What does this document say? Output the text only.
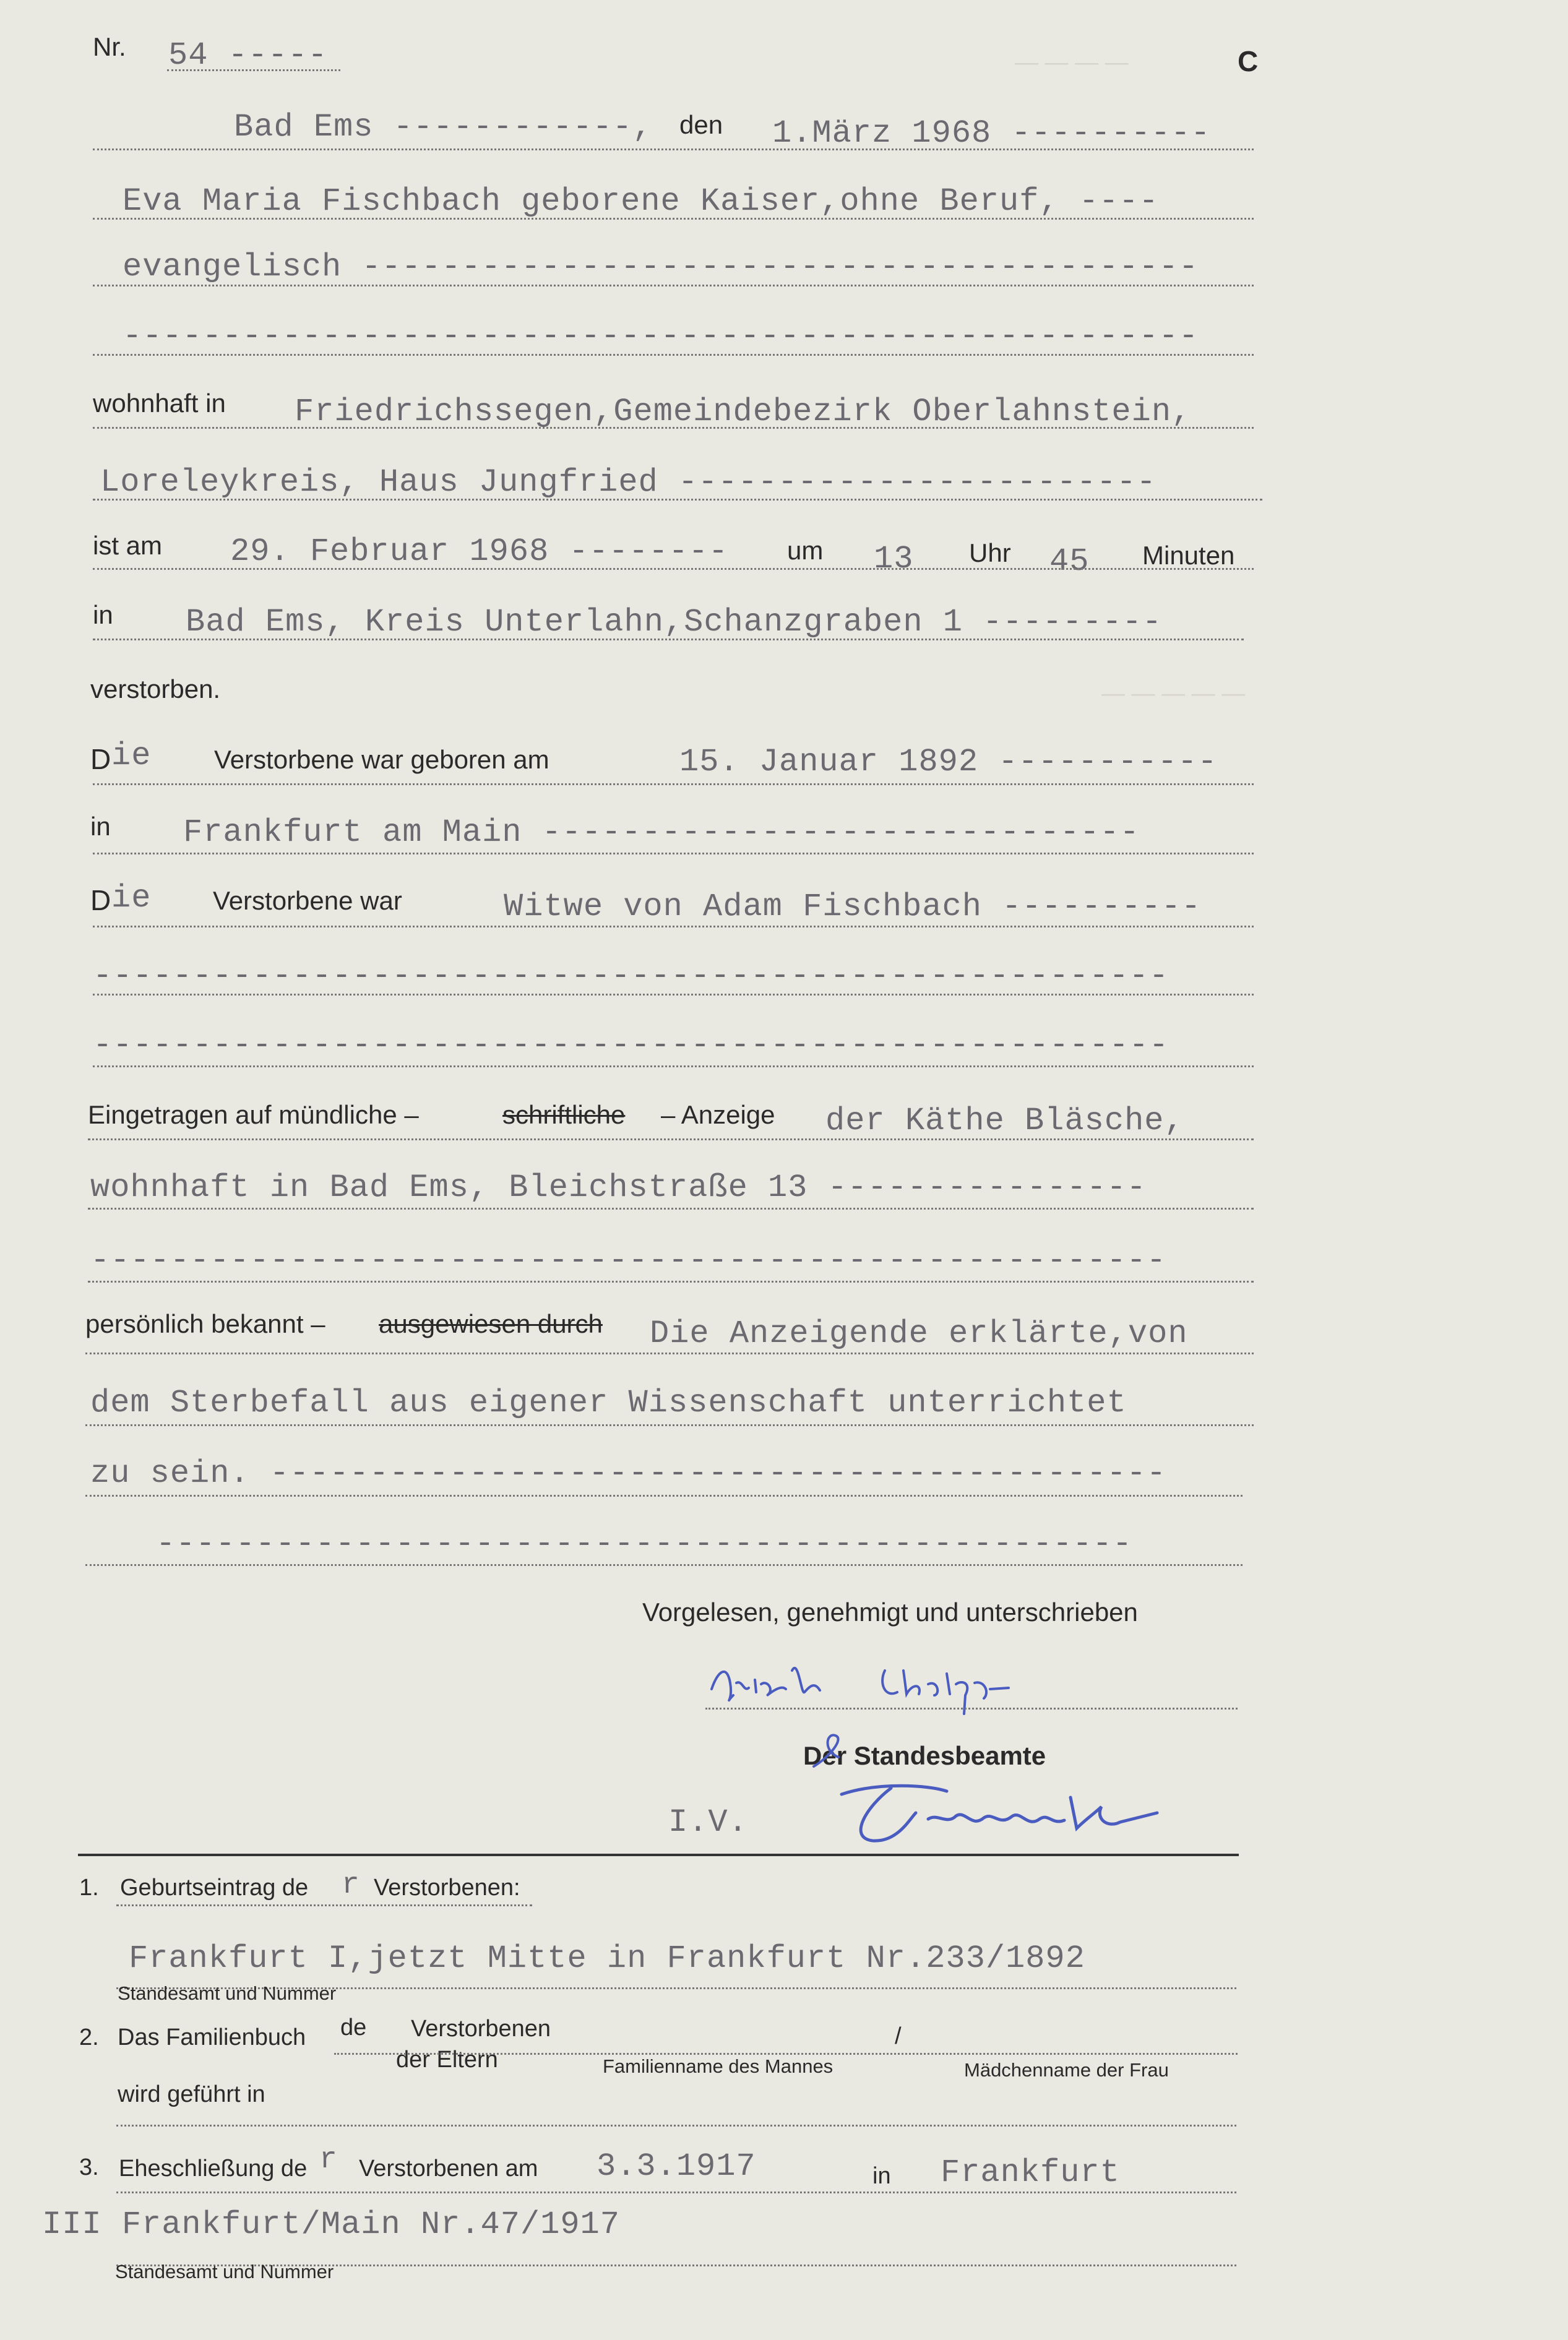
— — — —
— — — — —
Nr. 54 -----	C
Bad Ems ------------, den 1.März 1968 ----------
Eva Maria Fischbach geborene Kaiser,ohne Beruf, ----
evangelisch ------------------------------------------
------------------------------------------------------
wohnhaft in Friedrichssegen,Gemeindebezirk Oberlahnstein,
Loreleykreis, Haus Jungfried ------------------------
ist am 29. Februar 1968 -------- um 13 Uhr 45 Minuten
in Bad Ems, Kreis Unterlahn,Schanzgraben 1 ---------
verstorben.
D ie Verstorbene war geboren am	15. Januar 1892 -----------
in Frankfurt am Main ------------------------------
D ie Verstorbene war	Witwe von Adam Fischbach ----------
------------------------------------------------------
------------------------------------------------------
Eingetragen auf mündliche –	schriftliche – Anzeige der Käthe Bläsche,
wohnhaft in Bad Ems, Bleichstraße 13 ----------------
------------------------------------------------------
persönlich bekannt – ausgewiesen durch Die Anzeigende erklärte,von
dem Sterbefall aus eigener Wissenschaft unterrichtet
zu sein. ---------------------------------------------
-------------------------------------------------
Vorgelesen, genehmigt und unterschrieben
Der Standesbeamte
I.V.
1. Geburtseintrag de r Verstorbenen:
Frankfurt I,jetzt Mitte in Frankfurt Nr.233/1892
Standesamt und Nummer
2. Das Familienbuch de Verstorbenen
der Eltern
/
Familienname des Mannes	Mädchenname der Frau
wird geführt in
3. Eheschließung de r Verstorbenen am 3.3.1917	in Frankfurt
III Frankfurt/Main Nr.47/1917
Standesamt und Nummer
